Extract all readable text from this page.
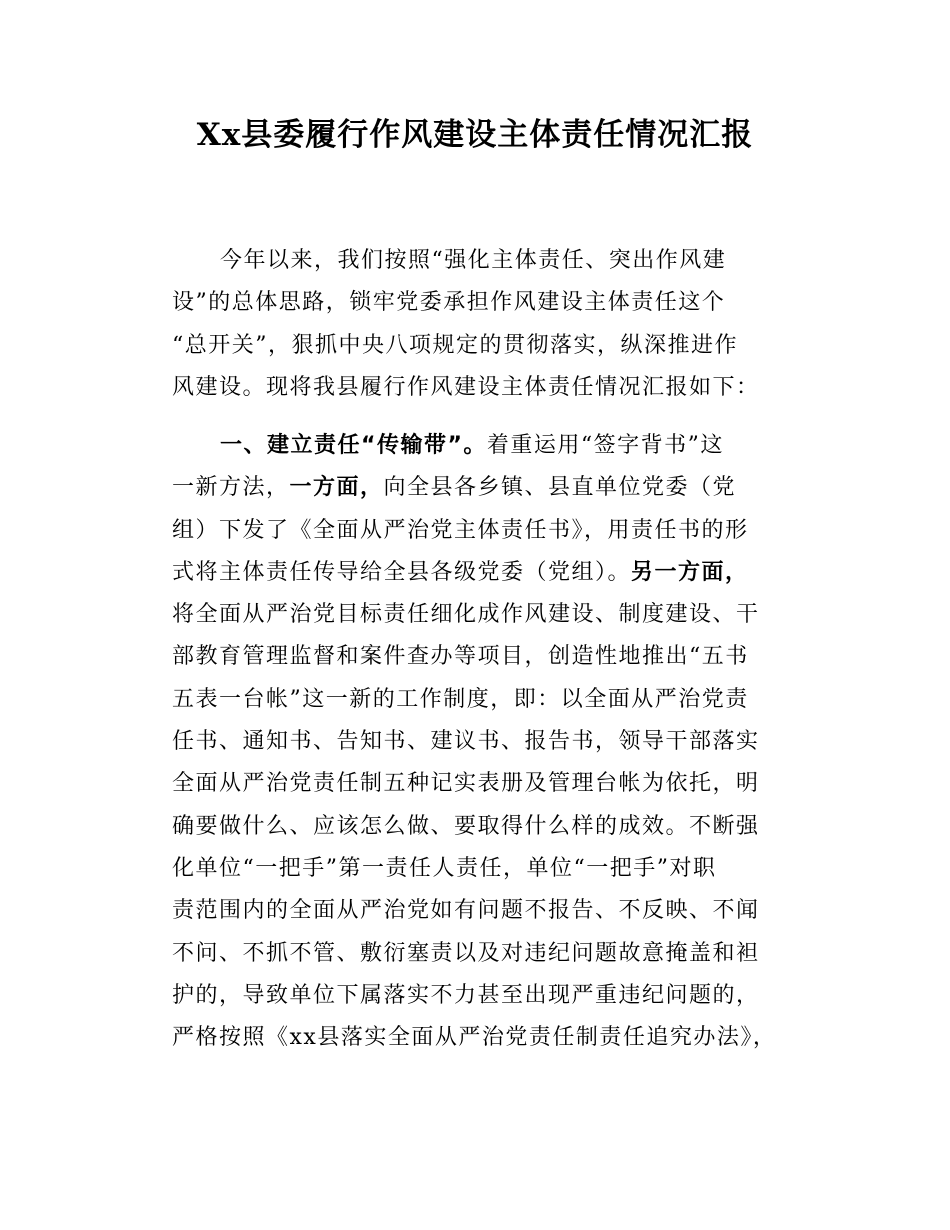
Xx县委履行作风建设主体责任情况汇报
今年以来，我们按照“强化主体责任、突出作风建
设”的总体思路，锁牢党委承担作风建设主体责任这个
“总开关”，狠抓中央八项规定的贯彻落实，纵深推进作
风建设。现将我县履行作风建设主体责任情况汇报如下：
一、建立责任“传输带”。着重运用“签字背书”这
一新方法，一方面，向全县各乡镇、县直单位党委（党
组）下发了《全面从严治党主体责任书》，用责任书的形
式将主体责任传导给全县各级党委（党组）。另一方面，
将全面从严治党目标责任细化成作风建设、制度建设、干
部教育管理监督和案件查办等项目，创造性地推出“五书
五表一台帐”这一新的工作制度，即：以全面从严治党责
任书、通知书、告知书、建议书、报告书，领导干部落实
全面从严治党责任制五种记实表册及管理台帐为依托，明
确要做什么、应该怎么做、要取得什么样的成效。不断强
化单位“一把手”第一责任人责任，单位“一把手”对职
责范围内的全面从严治党如有问题不报告、不反映、不闻
不问、不抓不管、敷衍塞责以及对违纪问题故意掩盖和袒
护的，导致单位下属落实不力甚至出现严重违纪问题的，
严格按照《xx县落实全面从严治党责任制责任追究办法》，
